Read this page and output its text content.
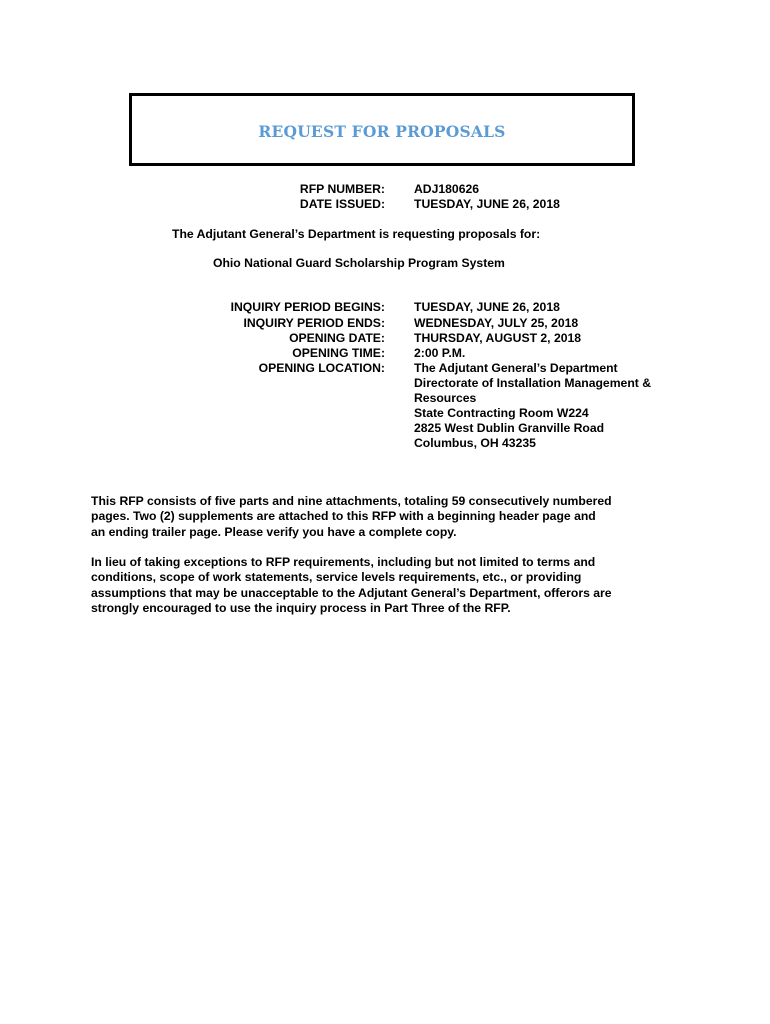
REQUEST FOR PROPOSALS
RFP NUMBER: ADJ180626
DATE ISSUED: TUESDAY, JUNE 26, 2018
The Adjutant General’s Department is requesting proposals for:
Ohio National Guard Scholarship Program System
INQUIRY PERIOD BEGINS: TUESDAY, JUNE 26, 2018
INQUIRY PERIOD ENDS: WEDNESDAY, JULY 25, 2018
OPENING DATE: THURSDAY, AUGUST 2, 2018
OPENING TIME: 2:00 P.M.
OPENING LOCATION: The Adjutant General’s Department
Directorate of Installation Management &
Resources
State Contracting Room W224
2825 West Dublin Granville Road
Columbus, OH 43235
This RFP consists of five parts and nine attachments, totaling 59 consecutively numbered
pages. Two (2) supplements are attached to this RFP with a beginning header page and
an ending trailer page. Please verify you have a complete copy.
In lieu of taking exceptions to RFP requirements, including but not limited to terms and
conditions, scope of work statements, service levels requirements, etc., or providing
assumptions that may be unacceptable to the Adjutant General’s Department, offerors are
strongly encouraged to use the inquiry process in Part Three of the RFP.
